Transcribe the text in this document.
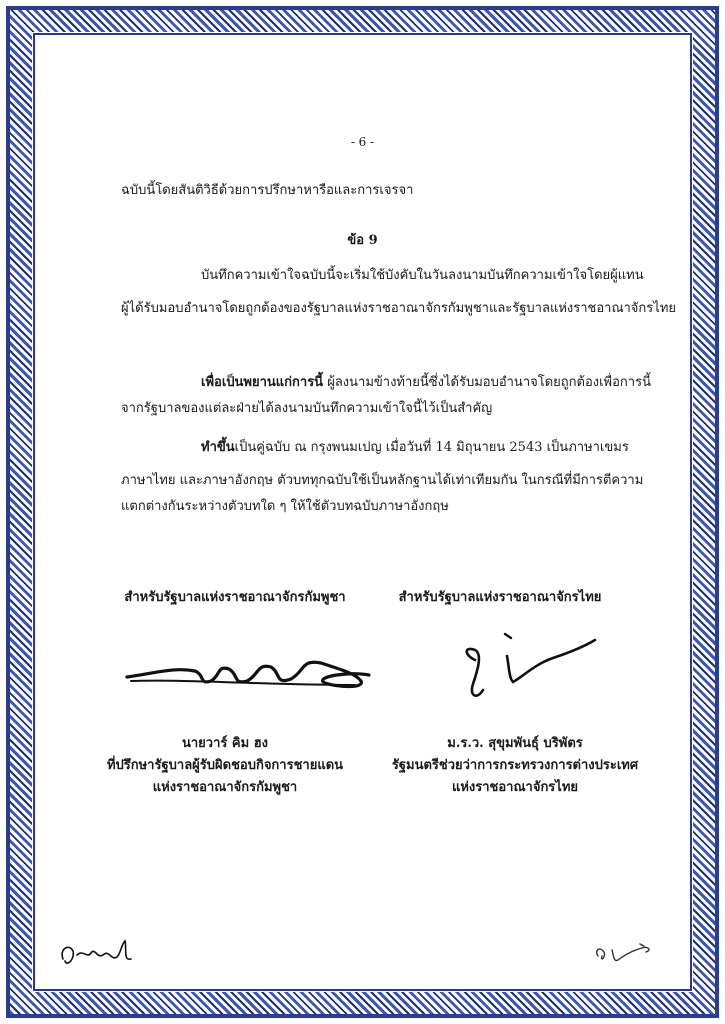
- 6 -
ฉบับนี้โดยสันติวิธีด้วยการปรึกษาหารือและการเจรจา
ข้อ 9
บันทึกความเข้าใจฉบับนี้จะเริ่มใช้บังคับในวันลงนามบันทึกความเข้าใจโดยผู้แทน
ผู้ได้รับมอบอำนาจโดยถูกต้องของรัฐบาลแห่งราชอาณาจักรกัมพูชาและรัฐบาลแห่งราชอาณาจักรไทย
เพื่อเป็นพยานแก่การนี้ ผู้ลงนามข้างท้ายนี้ซึ่งได้รับมอบอำนาจโดยถูกต้องเพื่อการนี้
จากรัฐบาลของแต่ละฝ่ายได้ลงนามบันทึกความเข้าใจนี้ไว้เป็นสำคัญ
ทำขึ้นเป็นคู่ฉบับ ณ กรุงพนมเปญ เมื่อวันที่ 14 มิถุนายน 2543 เป็นภาษาเขมร
ภาษาไทย และภาษาอังกฤษ ตัวบททุกฉบับใช้เป็นหลักฐานได้เท่าเทียมกัน ในกรณีที่มีการตีความ
แตกต่างกันระหว่างตัวบทใด ๆ ให้ใช้ตัวบทฉบับภาษาอังกฤษ
สำหรับรัฐบาลแห่งราชอาณาจักรกัมพูชา	สำหรับรัฐบาลแห่งราชอาณาจักรไทย
นายวาร์ คิม ฮง
ที่ปรึกษารัฐบาลผู้รับผิดชอบกิจการชายแดน
แห่งราชอาณาจักรกัมพูชา
ม.ร.ว. สุขุมพันธุ์ บริพัตร
รัฐมนตรีช่วยว่าการกระทรวงการต่างประเทศ
แห่งราชอาณาจักรไทย
